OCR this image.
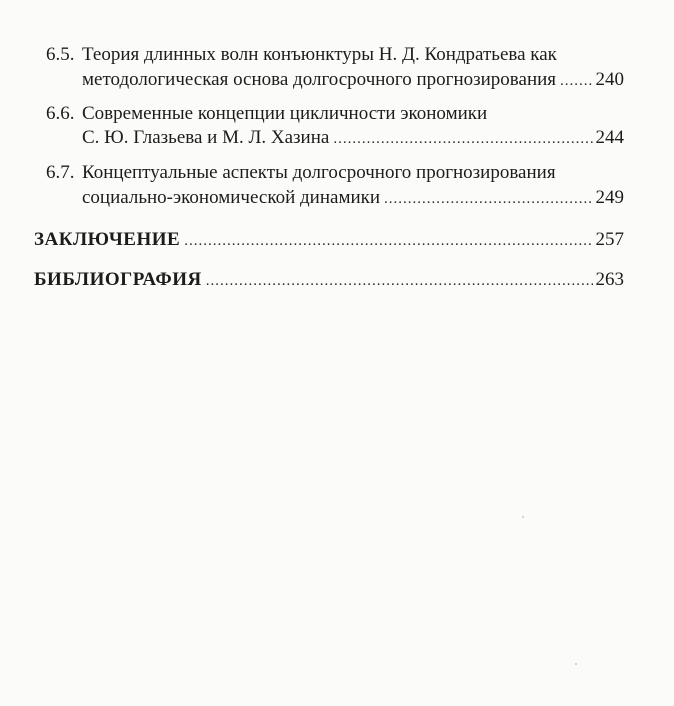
6.5. Теория длинных волн конъюнктуры Н. Д. Кондратьева как
методологическая основа долгосрочного прогнозирования ..... 240
6.6. Современные концепции цикличности экономики
С. Ю. Глазьева и М. Л. Хазина .....	244
6.7. Концептуальные аспекты долгосрочного прогнозирования
социально-экономической динамики .....	249
ЗАКЛЮЧЕНИЕ .....	257
БИБЛИОГРАФИЯ .....	263
